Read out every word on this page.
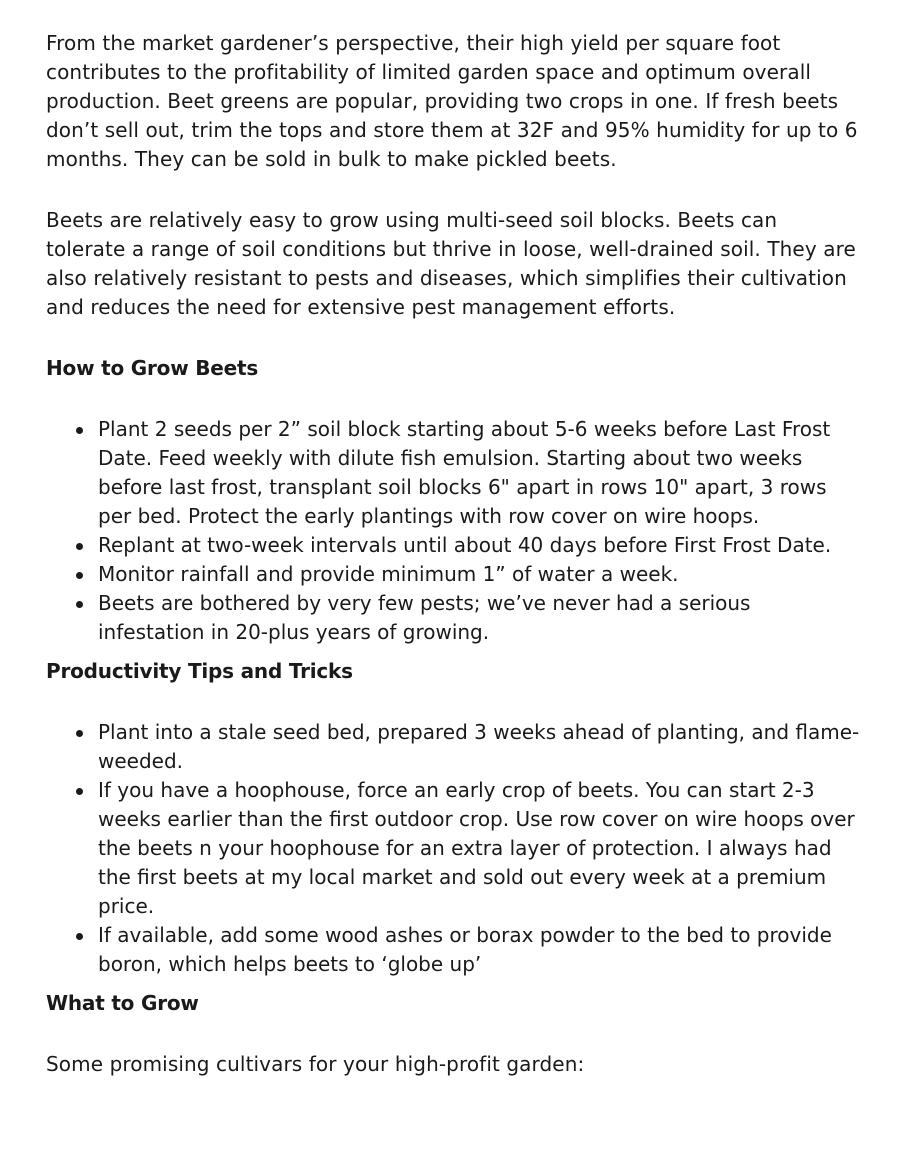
From the market gardener’s perspective, their high yield per square foot contributes to the profitability of limited garden space and optimum overall production. Beet greens are popular, providing two crops in one. If fresh beets don’t sell out, trim the tops and store them at 32F and 95% humidity for up to 6 months. They can be sold in bulk to make pickled beets.

Beets are relatively easy to grow using multi-seed soil blocks. Beets can tolerate a range of soil conditions but thrive in loose, well-drained soil. They are also relatively resistant to pests and diseases, which simplifies their cultivation and reduces the need for extensive pest management efforts.

How to Grow Beets
Plant 2 seeds per 2” soil block starting about 5-6 weeks before Last Frost Date. Feed weekly with dilute fish emulsion. Starting about two weeks before last frost, transplant soil blocks 6" apart in rows 10" apart, 3 rows per bed. Protect the early plantings with row cover on wire hoops.
Replant at two-week intervals until about 40 days before First Frost Date.
Monitor rainfall and provide minimum 1” of water a week.
Beets are bothered by very few pests; we’ve never had a serious infestation in 20-plus years of growing.
Productivity Tips and Tricks
Plant into a stale seed bed, prepared 3 weeks ahead of planting, and flame-weeded.
If you have a hoophouse, force an early crop of beets. You can start 2-3 weeks earlier than the first outdoor crop. Use row cover on wire hoops over the beets n your hoophouse for an extra layer of protection. I always had the first beets at my local market and sold out every week at a premium price.
If available, add some wood ashes or borax powder to the bed to provide boron, which helps beets to ‘globe up’
What to Grow

Some promising cultivars for your high-profit garden:
